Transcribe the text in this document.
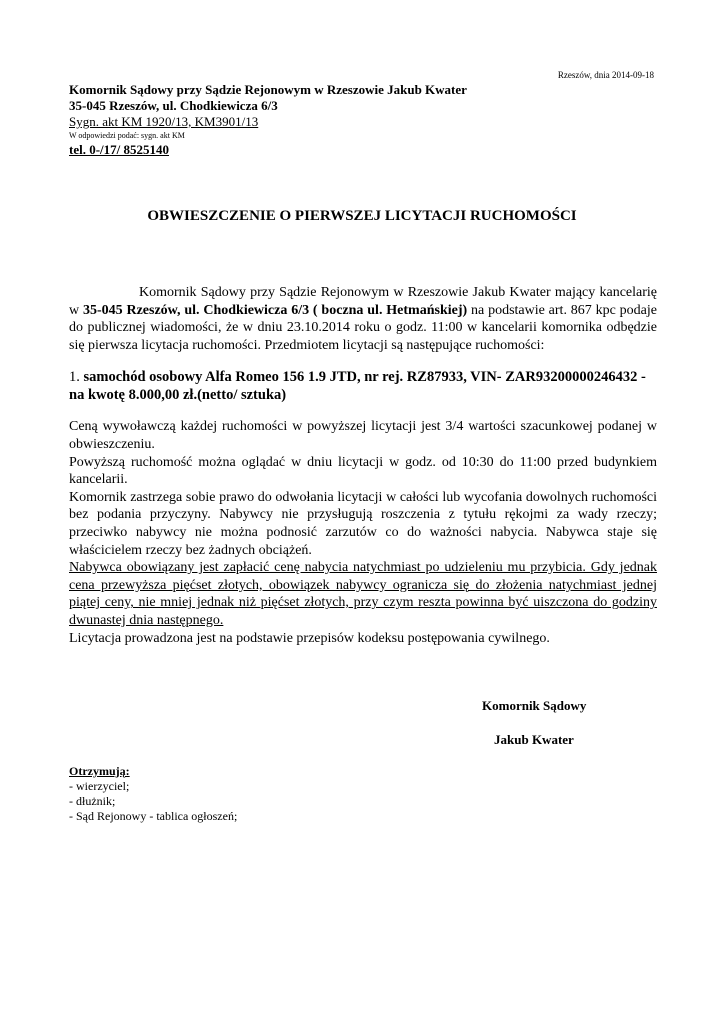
Rzeszów, dnia 2014-09-18
Komornik Sądowy przy Sądzie Rejonowym w Rzeszowie Jakub Kwater
35-045 Rzeszów, ul. Chodkiewicza 6/3
Sygn. akt KM 1920/13, KM3901/13
W odpowiedzi podać: sygn. akt KM
tel. 0-/17/ 8525140
OBWIESZCZENIE O PIERWSZEJ LICYTACJI RUCHOMOŚCI

Komornik Sądowy przy Sądzie Rejonowym w Rzeszowie Jakub Kwater mający kancelarię w 35-045 Rzeszów, ul. Chodkiewicza 6/3 ( boczna ul. Hetmańskiej) na podstawie art. 867 kpc podaje do publicznej wiadomości, że w dniu 23.10.2014 roku o godz. 11:00 w kancelarii komornika odbędzie się pierwsza licytacja ruchomości. Przedmiotem licytacji są następujące ruchomości:

1. samochód osobowy Alfa Romeo 156 1.9 JTD, nr rej. RZ87933, VIN- ZAR93200000246432 - na kwotę 8.000,00 zł.(netto/ sztuka)

Ceną wywoławczą każdej ruchomości w powyższej licytacji jest 3/4 wartości szacunkowej podanej w obwieszczeniu.

Powyższą ruchomość można oglądać w dniu licytacji w godz. od 10:30 do 11:00 przed budynkiem kancelarii.

Komornik zastrzega sobie prawo do odwołania licytacji w całości lub wycofania dowolnych ruchomości bez podania przyczyny. Nabywcy nie przysługują roszczenia z tytułu rękojmi za wady rzeczy; przeciwko nabywcy nie można podnosić zarzutów co do ważności nabycia. Nabywca staje się właścicielem rzeczy bez żadnych obciążeń.

Nabywca obowiązany jest zapłacić cenę nabycia natychmiast po udzieleniu mu przybicia. Gdy jednak cena przewyższa pięćset złotych, obowiązek nabywcy ogranicza się do złożenia natychmiast jednej piątej ceny, nie mniej jednak niż pięćset złotych, przy czym reszta powinna być uiszczona do godziny dwunastej dnia następnego.

Licytacja prowadzona jest na podstawie przepisów kodeksu postępowania cywilnego.

Komornik Sądowy
Jakub Kwater
Otrzymują:
- wierzyciel;
- dłużnik;
- Sąd Rejonowy - tablica ogłoszeń;
